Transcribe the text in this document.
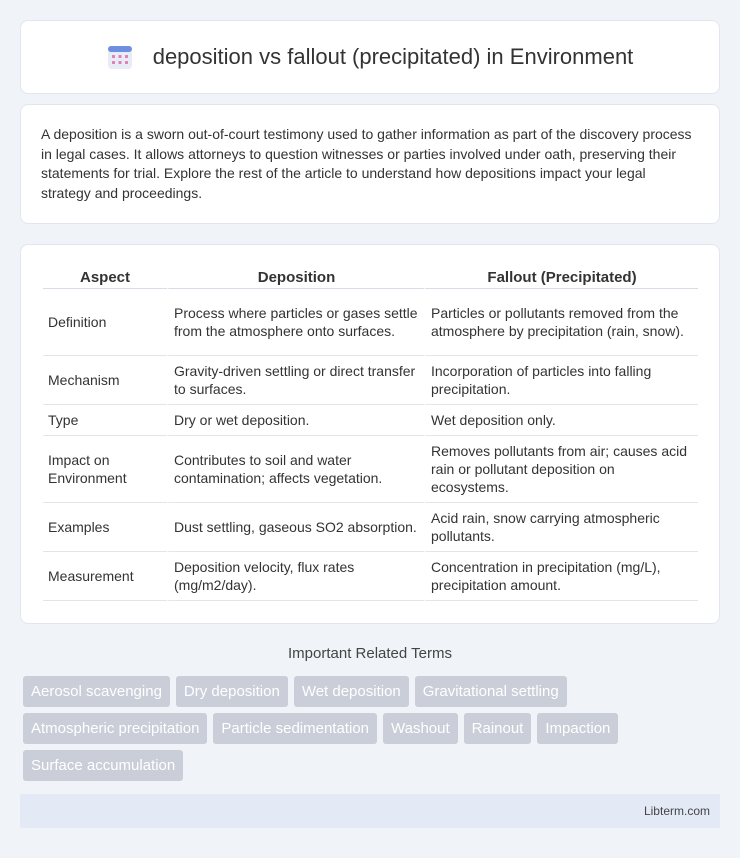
deposition vs fallout (precipitated) in Environment

A deposition is a sworn out-of-court testimony used to gather information as part of the discovery process in legal cases. It allows attorneys to question witnesses or parties involved under oath, preserving their statements for trial. Explore the rest of the article to understand how depositions impact your legal strategy and proceedings.

Aspect	Deposition	Fallout (Precipitated)
Definition	Process where particles or gases settle from the atmosphere onto surfaces.	Particles or pollutants removed from the atmosphere by precipitation (rain, snow).
Mechanism	Gravity-driven settling or direct transfer to surfaces.	Incorporation of particles into falling precipitation.
Type	Dry or wet deposition.	Wet deposition only.
Impact on Environment	Contributes to soil and water contamination; affects vegetation.	Removes pollutants from air; causes acid rain or pollutant deposition on ecosystems.
Examples	Dust settling, gaseous SO2 absorption.	Acid rain, snow carrying atmospheric pollutants.
Measurement	Deposition velocity, flux rates (mg/m2/day).	Concentration in precipitation (mg/L), precipitation amount.
Important Related Terms
Aerosol scavenging	Dry deposition	Wet deposition	Gravitational settling
Atmospheric precipitation	Particle sedimentation	Washout	Rainout	Impaction
Surface accumulation
Libterm.com
